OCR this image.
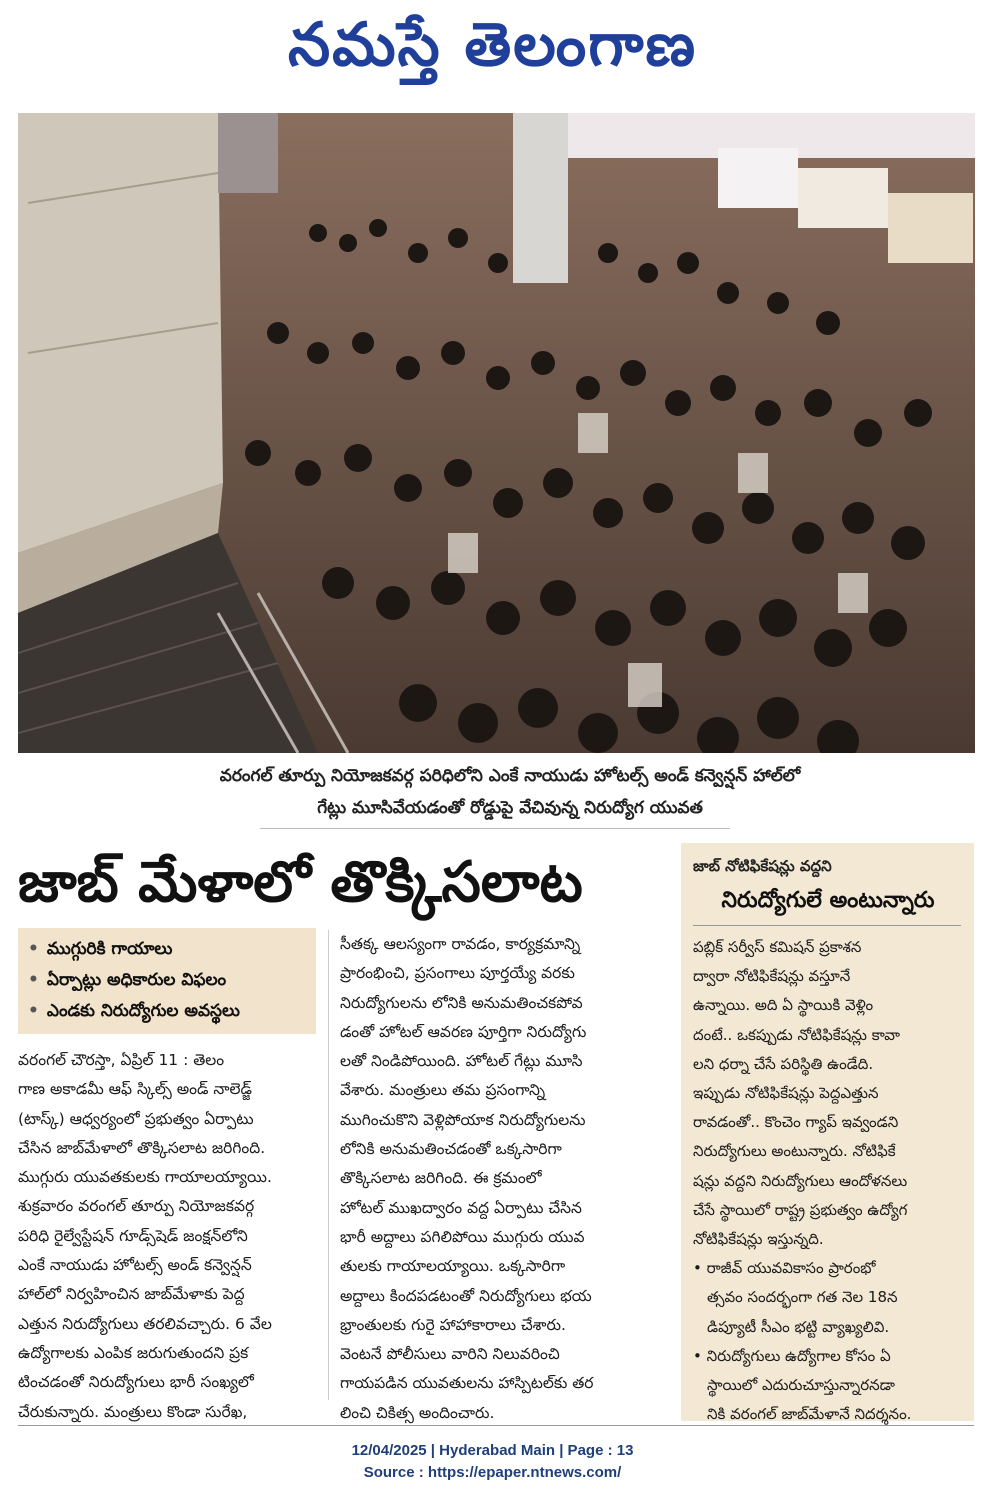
నమస్తే తెలంగాణ
వరంగల్ తూర్పు నియోజకవర్గ పరిధిలోని ఎంకే నాయుడు హోటల్స్ అండ్ కన్వెన్షన్ హాల్‌లో
గేట్లు మూసివేయడంతో రోడ్డుపై వేచివున్న నిరుద్యోగ యువత
జాబ్ మేళాలో తొక్కిసలాట
• ముగ్గురికి గాయాలు
• ఏర్పాట్లు అధికారుల విఫలం
• ఎండకు నిరుద్యోగుల అవస్థలు
వరంగల్ చౌరస్తా, ఏప్రిల్ 11 : తెలం
గాణ అకాడమీ ఆఫ్ స్కిల్స్ అండ్ నాలెడ్జ్
(టాస్క్) ఆధ్వర్యంలో ప్రభుత్వం ఏర్పాటు
చేసిన జాబ్‌మేళాలో తొక్కిసలాట జరిగింది.
ముగ్గురు యువతకులకు గాయాలయ్యాయి.
శుక్రవారం వరంగల్ తూర్పు నియోజకవర్గ
పరిధి రైల్వేస్టేషన్ గూడ్స్‌షెడ్ జంక్షన్‌లోని
ఎంకే నాయుడు హోటల్స్ అండ్ కన్వెన్షన్
హాల్‌లో నిర్వహించిన జాబ్‌మేళాకు పెద్ద
ఎత్తున నిరుద్యోగులు తరలివచ్చారు. 6 వేల
ఉద్యోగాలకు ఎంపిక జరుగుతుందని ప్రక
టించడంతో నిరుద్యోగులు భారీ సంఖ్యలో
చేరుకున్నారు. మంత్రులు కొండా సురేఖ,
సీతక్క ఆలస్యంగా రావడం, కార్యక్రమాన్ని
ప్రారంభించి, ప్రసంగాలు పూర్తయ్యే వరకు
నిరుద్యోగులను లోనికి అనుమతించకపోవ
డంతో హోటల్ ఆవరణ పూర్తిగా నిరుద్యోగు
లతో నిండిపోయింది. హోటల్ గేట్లు మూసి
వేశారు. మంత్రులు తమ ప్రసంగాన్ని
ముగించుకొని వెళ్లిపోయాక నిరుద్యోగులను
లోనికి అనుమతించడంతో ఒక్కసారిగా
తొక్కిసలాట జరిగింది. ఈ క్రమంలో
హోటల్ ముఖద్వారం వద్ద ఏర్పాటు చేసిన
భారీ అద్దాలు పగిలిపోయి ముగ్గురు యువ
తులకు గాయాలయ్యాయి. ఒక్కసారిగా
అద్దాలు కిందపడటంతో నిరుద్యోగులు భయ
భ్రాంతులకు గురై హాహాకారాలు చేశారు.
వెంటనే పోలీసులు వారిని నిలువరించి
గాయపడిన యువతులను హాస్పిటల్‌కు తర
లించి చికిత్స అందించారు.
జాబ్ నోటిఫికేషన్లు వద్దని
నిరుద్యోగులే అంటున్నారు
పబ్లిక్ సర్వీస్ కమిషన్ ప్రకాశన
ద్వారా నోటిఫికేషన్లు వస్తూనే
ఉన్నాయి. అది ఏ స్థాయికి వెళ్లిం
దంటే.. ఒకప్పుడు నోటిఫికేషన్లు కావా
లని ధర్నా చేసే పరిస్థితి ఉండేది.
ఇప్పుడు నోటిఫికేషన్లు పెద్దఎత్తున
రావడంతో.. కొంచెం గ్యాప్ ఇవ్వండని
నిరుద్యోగులు అంటున్నారు. నోటిఫికే
షన్లు వద్దని నిరుద్యోగులు ఆందోళనలు
చేసే స్థాయిలో రాష్ట్ర ప్రభుత్వం ఉద్యోగ
నోటిఫికేషన్లు ఇస్తున్నది.
• రాజీవ్ యువవికాసం ప్రారంభో
త్సవం సందర్భంగా గత నెల 18న
డిప్యూటీ సీఎం భట్టి వ్యాఖ్యలివి.
• నిరుద్యోగులు ఉద్యోగాల కోసం ఏ
స్థాయిలో ఎదురుచూస్తున్నారనడా
నికి వరంగల్ జాబ్‌మేళానే నిదర్శనం.
12/04/2025 | Hyderabad Main | Page : 13
Source : https://epaper.ntnews.com/
